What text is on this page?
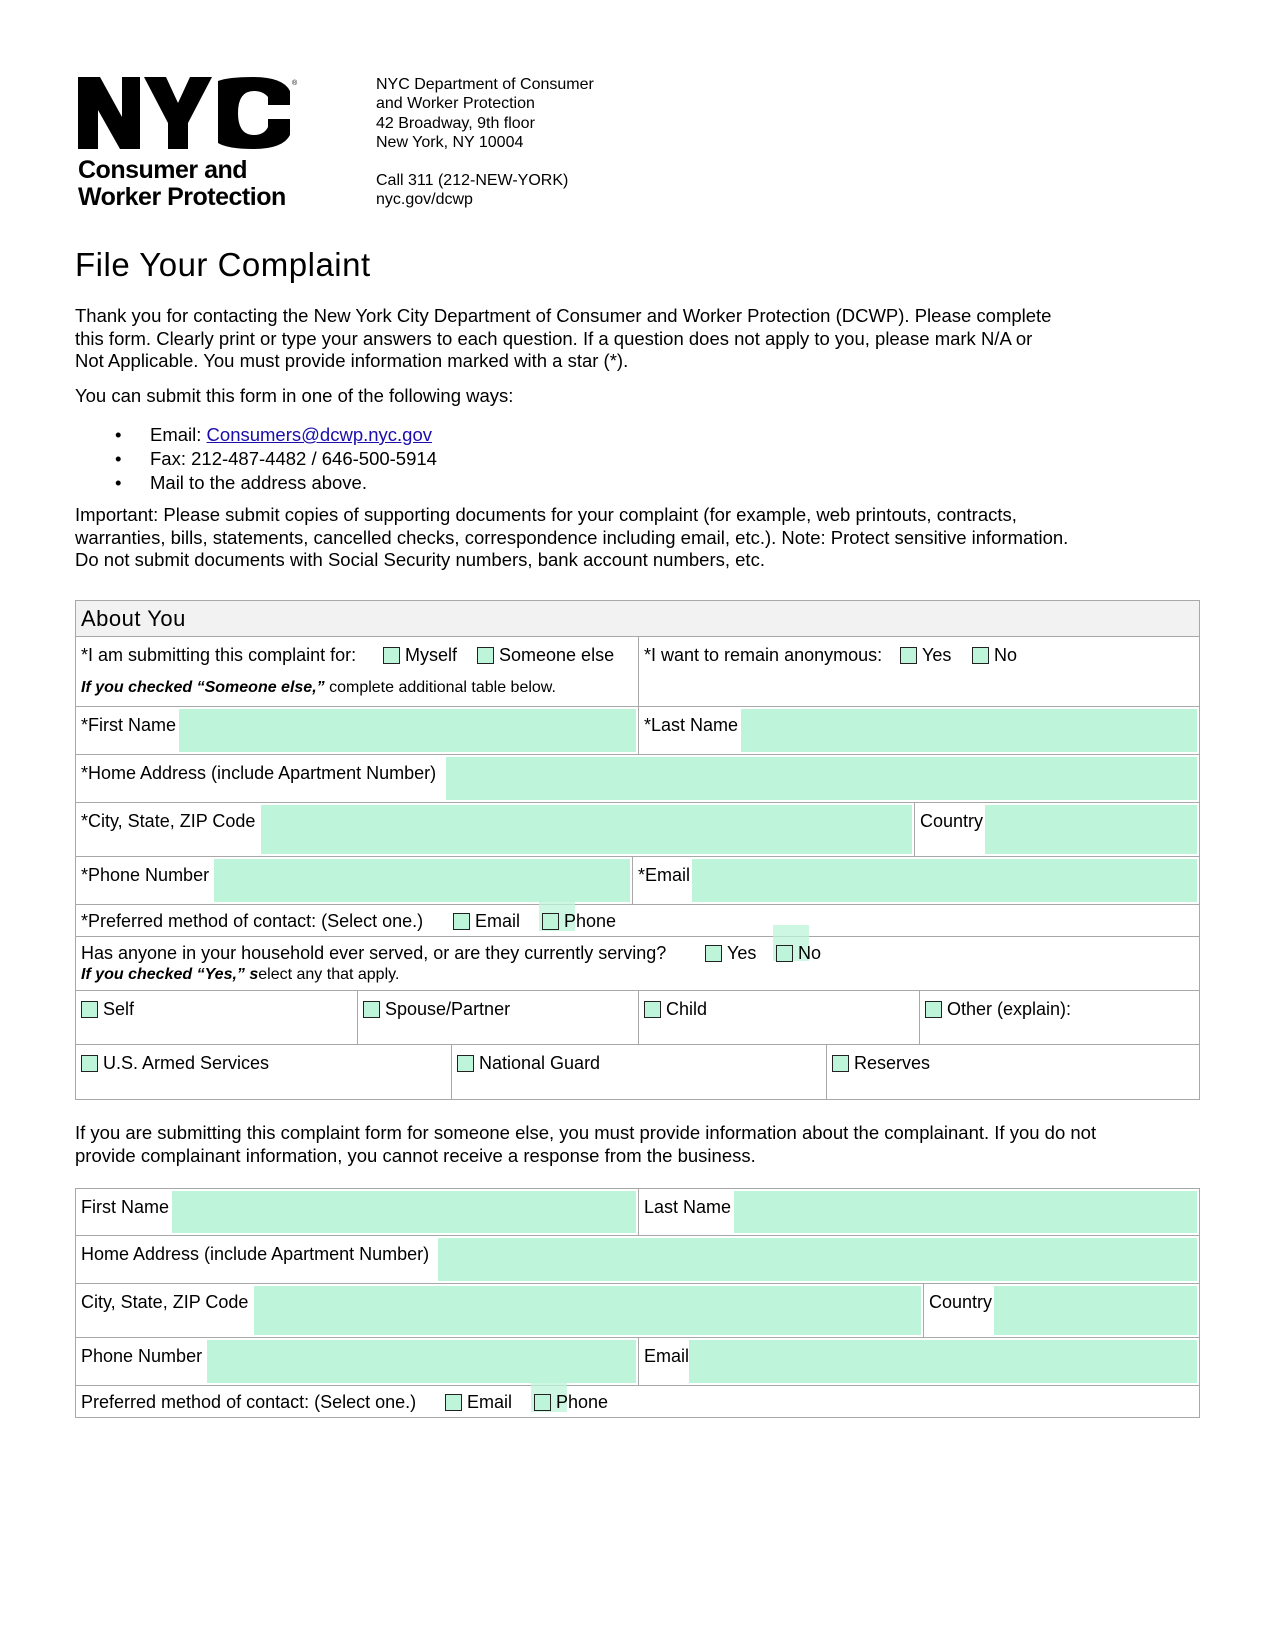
®
Consumer and
Worker Protection
NYC Department of Consumer
and Worker Protection
42 Broadway, 9th floor
New York, NY 10004
Call 311 (212-NEW-YORK)
nyc.gov/dcwp
File Your Complaint

Thank you for contacting the New York City Department of Consumer and Worker Protection (DCWP). Please complete
this form. Clearly print or type your answers to each question. If a question does not apply to you, please mark N/A or
Not Applicable. You must provide information marked with a star (*).

You can submit this form in one of the following ways:

• Email: Consumers@dcwp.nyc.gov
• Fax: 212-487-4482 / 646-500-5914
• Mail to the address above.

Important: Please submit copies of supporting documents for your complaint (for example, web printouts, contracts,
warranties, bills, statements, cancelled checks, correspondence including email, etc.). Note: Protect sensitive information.
Do not submit documents with Social Security numbers, bank account numbers, etc.

About You
*I am submitting this complaint for:	Myself	Someone else
If you checked “Someone else,” complete additional table below.
*I want to remain anonymous:	Yes	No
*First Name	*Last Name
*Home Address (include Apartment Number)
*City, State, ZIP Code	Country
*Phone Number	*Email
*Preferred method of contact: (Select one.)	Email	Phone
Has anyone in your household ever served, or are they currently serving?	Yes	No
If you checked “Yes,” select any that apply.
Self	Spouse/Partner	Child	Other (explain):
U.S. Armed Services	National Guard	Reserves

If you are submitting this complaint form for someone else, you must provide information about the complainant. If you do not
provide complainant information, you cannot receive a response from the business.

First Name	Last Name
Home Address (include Apartment Number)
City, State, ZIP Code	Country
Phone Number	Email
Preferred method of contact: (Select one.)	Email	Phone
